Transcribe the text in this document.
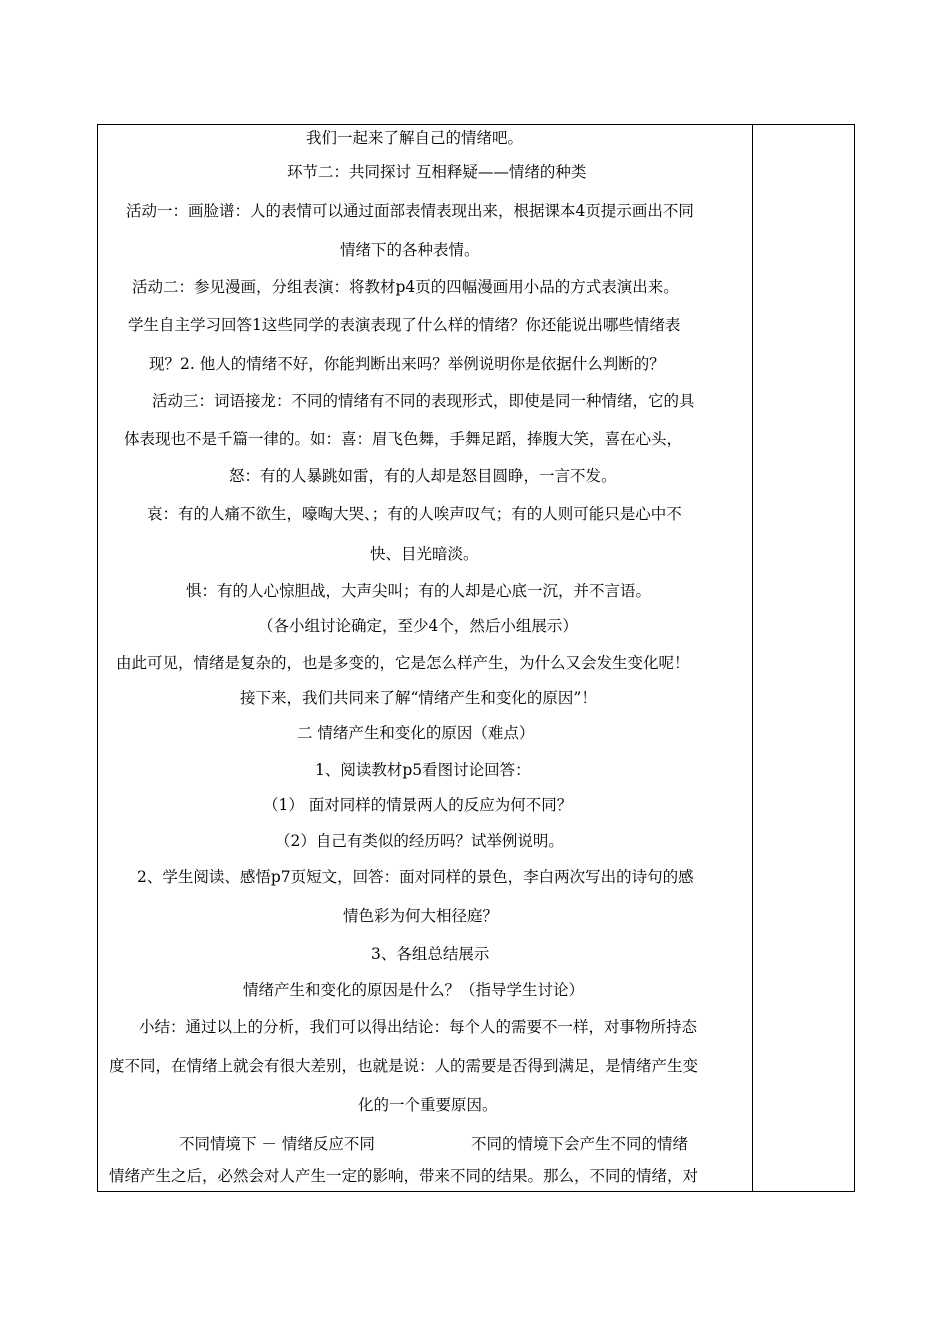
我们一起来了解自己的情绪吧。
环节二：共同探讨 互相释疑——情绪的种类
活动一：画脸谱：人的表情可以通过面部表情表现出来，根据课本4页提示画出不同
情绪下的各种表情。
活动二：参见漫画，分组表演：将教材p4页的四幅漫画用小品的方式表演出来。
学生自主学习回答1这些同学的表演表现了什么样的情绪？你还能说出哪些情绪表
现？2. 他人的情绪不好，你能判断出来吗？举例说明你是依据什么判断的？
活动三：词语接龙：不同的情绪有不同的表现形式，即使是同一种情绪，它的具
体表现也不是千篇一律的。如：喜：眉飞色舞，手舞足蹈，捧腹大笑，喜在心头，
怒：有的人暴跳如雷，有的人却是怒目圆睁，一言不发。
哀：有的人痛不欲生，嚎啕大哭、；有的人唉声叹气；有的人则可能只是心中不
快、目光暗淡。
惧：有的人心惊胆战，大声尖叫；有的人却是心底一沉，并不言语。
（各小组讨论确定，至少4个，然后小组展示）
由此可见，情绪是复杂的，也是多变的，它是怎么样产生，为什么又会发生变化呢！
接下来，我们共同来了解“情绪产生和变化的原因”！
二 情绪产生和变化的原因（难点）
1、阅读教材p5看图讨论回答：
（1） 面对同样的情景两人的反应为何不同？
（2）自己有类似的经历吗？试举例说明。
2、学生阅读、感悟p7页短文，回答：面对同样的景色，李白两次写出的诗句的感
情色彩为何大相径庭？
3、各组总结展示
情绪产生和变化的原因是什么？（指导学生讨论）
小结：通过以上的分析，我们可以得出结论：每个人的需要不一样，对事物所持态
度不同，在情绪上就会有很大差别，也就是说：人的需要是否得到满足，是情绪产生变
化的一个重要原因。
不同情境下 － 情绪反应不同	不同的情境下会产生不同的情绪
情绪产生之后，必然会对人产生一定的影响，带来不同的结果。那么，不同的情绪，对
